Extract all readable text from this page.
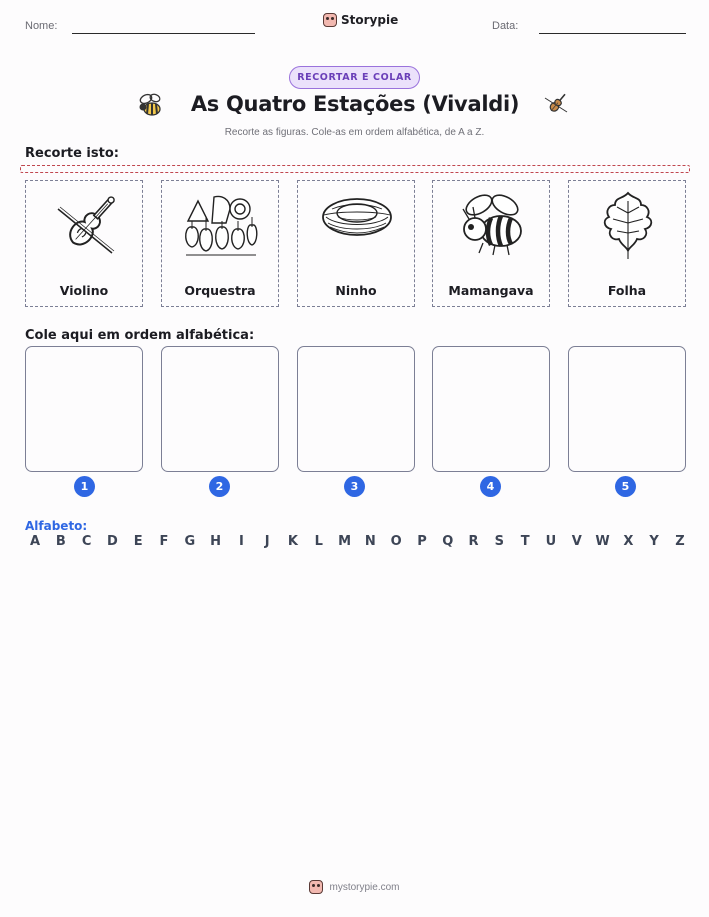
Nome:	Storypie	Data:
RECORTAR E COLAR
As Quatro Estações (Vivaldi)
Recorte as figuras. Cole-as em ordem alfabética, de A a Z.
Recorte isto:
Violino	Orquestra	Ninho	Mamangava	Folha
Cole aqui em ordem alfabética:
1	2	3	4	5
Alfabeto:
A	B	C	D	E	F	G	H	I	J	K	L	M	N	O	P	Q	R	S	T	U	V	W	X	Y	Z
mystorypie.com
